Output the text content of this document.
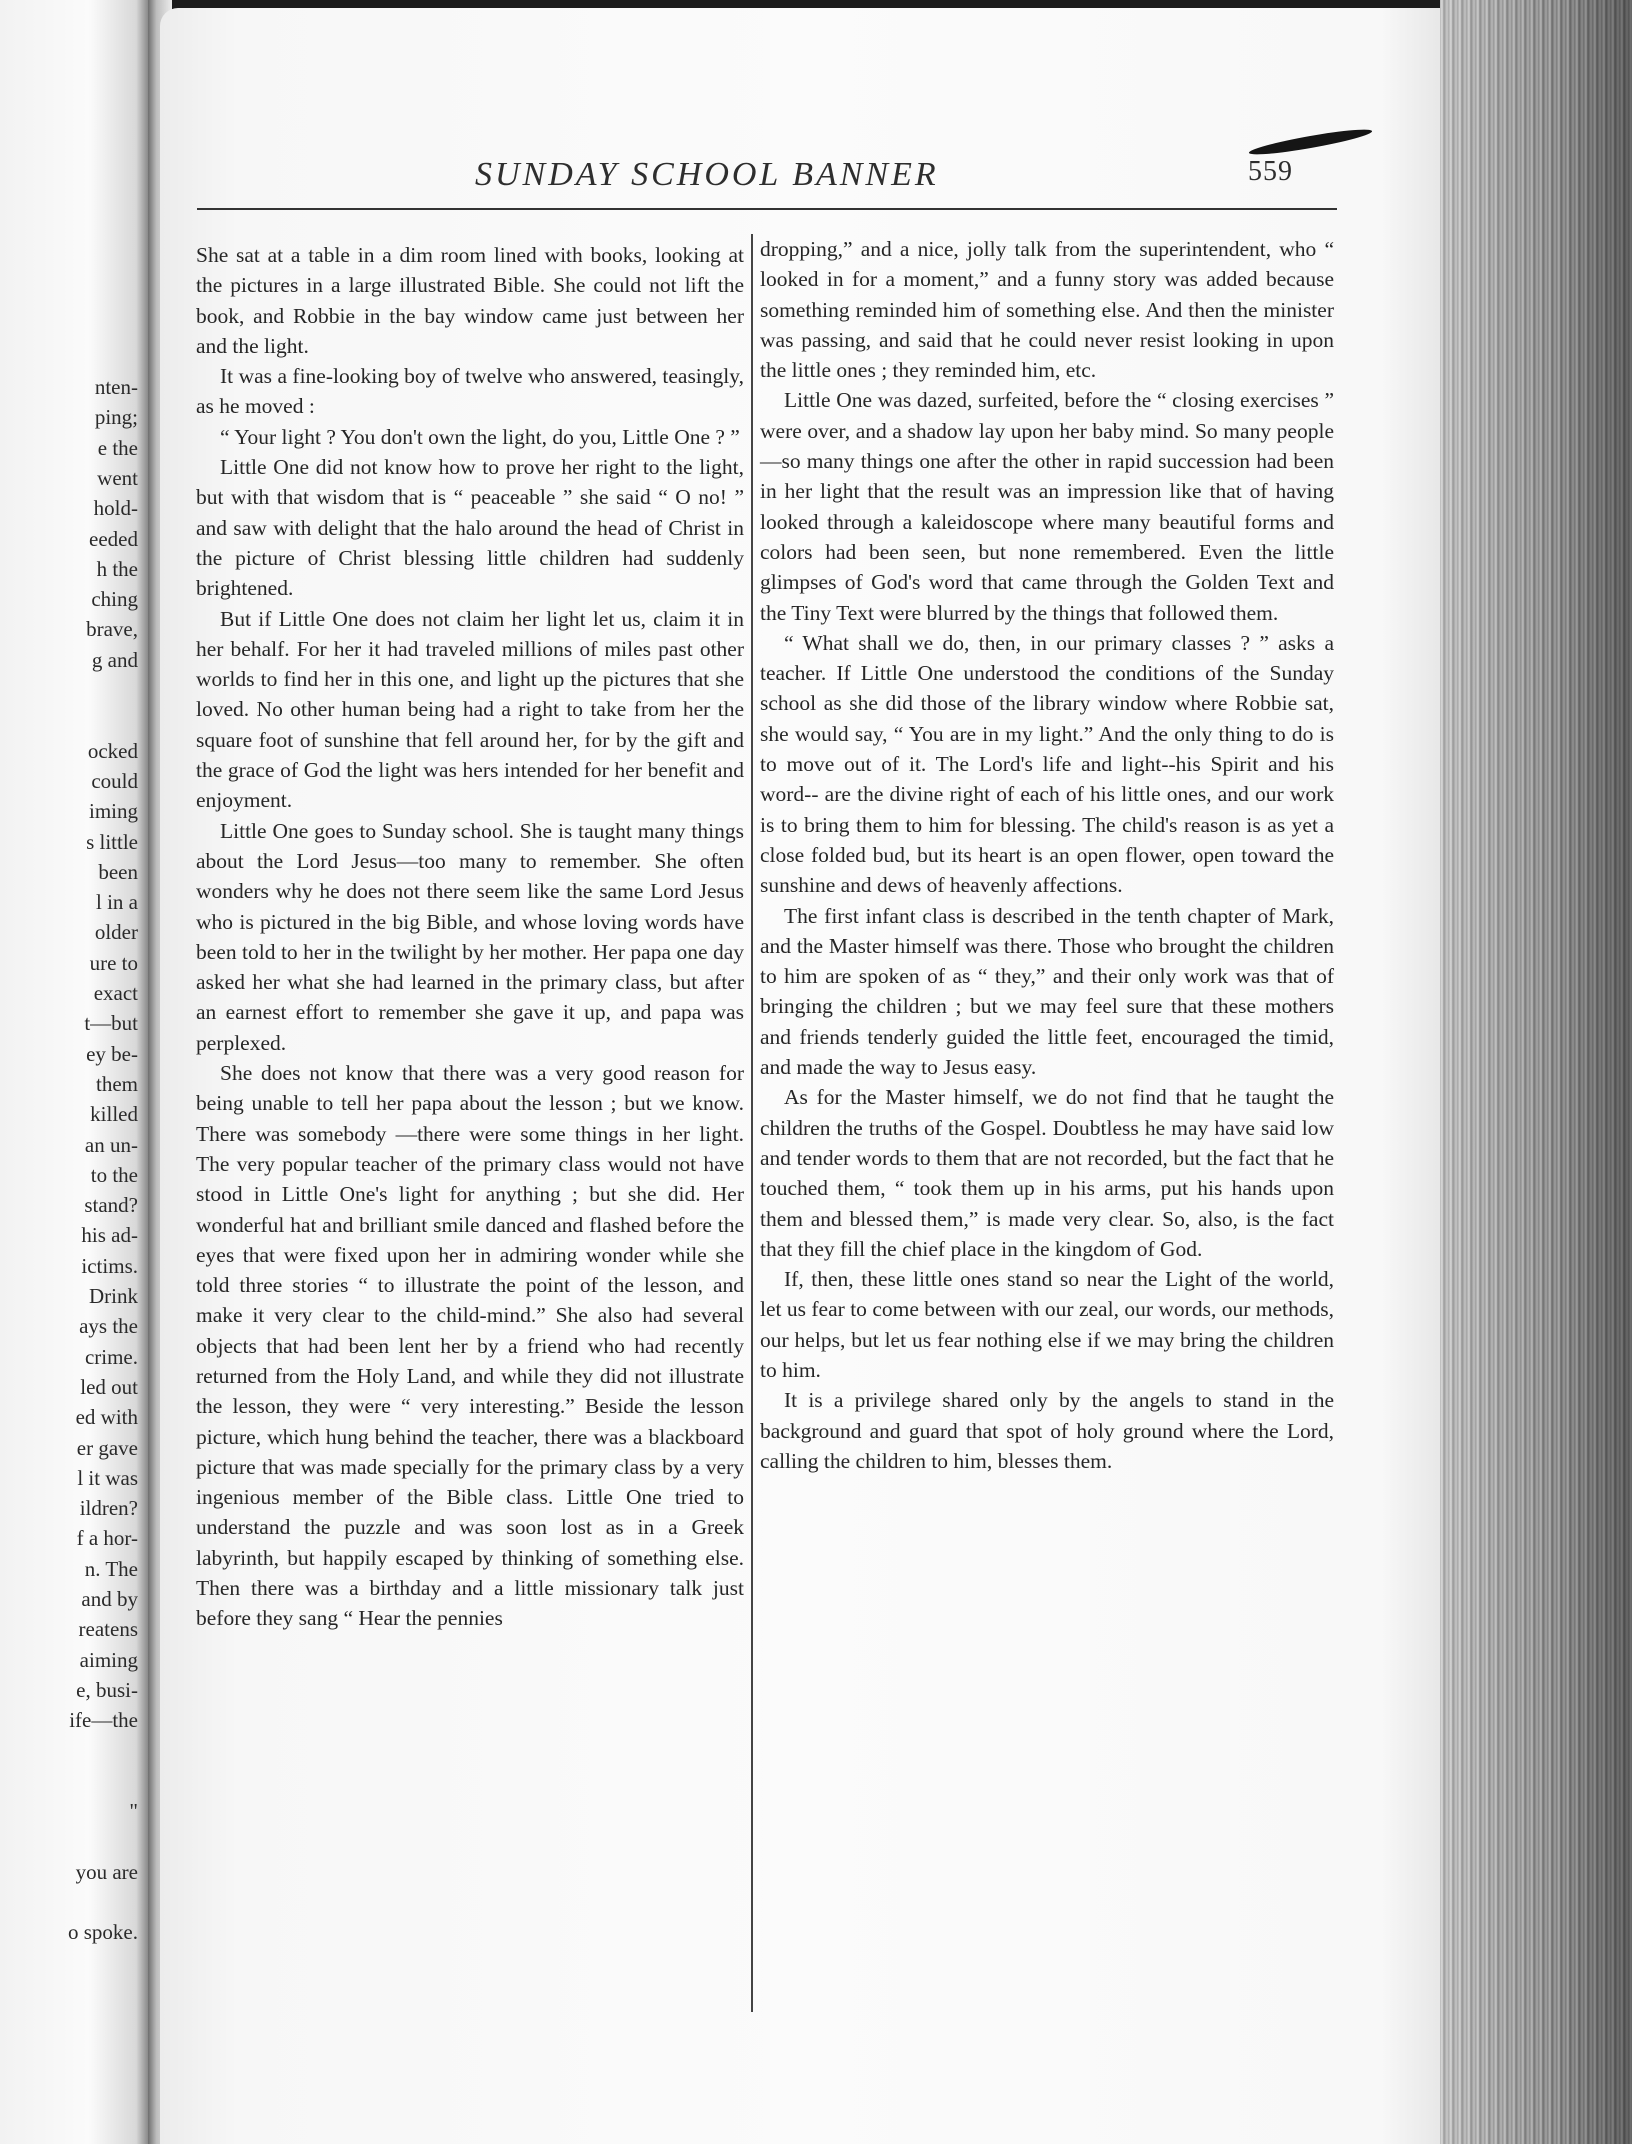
nten-
ping;
e the
went
hold-
eeded
h the
ching
brave,
g and
ocked
could
iming
s little
been
l in a
older
ure to
exact
t—but
ey be-
them
killed
an un-
to the
stand?
his ad-
ictims.
Drink
ays the
crime.
led out
ed with
er gave
l it was
ildren?
f a hor-
n. The
and by
reatens
aiming
e, busi-
ife—the
"
you are
o spoke.
SUNDAY SCHOOL BANNER	559

She sat at a table in a dim room lined with books, looking at the pictures in a large illustrated Bible. She could not lift the book, and Robbie in the bay window came just between her and the light.

It was a fine-looking boy of twelve who answered, teasingly, as he moved :

“ Your light ? You don't own the light, do you, Little One ? ”

Little One did not know how to prove her right to the light, but with that wisdom that is “ peaceable ” she said “ O no! ” and saw with delight that the halo around the head of Christ in the picture of Christ blessing little children had suddenly brightened.

But if Little One does not claim her light let us, claim it in her behalf. For her it had traveled millions of miles past other worlds to find her in this one, and light up the pictures that she loved. No other human being had a right to take from her the square foot of sunshine that fell around her, for by the gift and the grace of God the light was hers intended for her benefit and enjoyment.

Little One goes to Sunday school. She is taught many things about the Lord Jesus—too many to remember. She often wonders why he does not there seem like the same Lord Jesus who is pictured in the big Bible, and whose loving words have been told to her in the twilight by her mother. Her papa one day asked her what she had learned in the primary class, but after an earnest effort to remember she gave it up, and papa was perplexed.

She does not know that there was a very good reason for being unable to tell her papa about the lesson ; but we know. There was somebody —there were some things in her light. The very popular teacher of the primary class would not have stood in Little One's light for anything ; but she did. Her wonderful hat and brilliant smile danced and flashed before the eyes that were fixed upon her in admiring wonder while she told three stories “ to illustrate the point of the lesson, and make it very clear to the child-mind.” She also had several objects that had been lent her by a friend who had recently returned from the Holy Land, and while they did not illustrate the lesson, they were “ very interesting.” Beside the lesson picture, which hung behind the teacher, there was a blackboard picture that was made specially for the primary class by a very ingenious member of the Bible class. Little One tried to understand the puzzle and was soon lost as in a Greek labyrinth, but happily escaped by thinking of something else. Then there was a birthday and a little missionary talk just before they sang “ Hear the pennies

dropping,” and a nice, jolly talk from the superintendent, who “ looked in for a moment,” and a funny story was added because something reminded him of something else. And then the minister was passing, and said that he could never resist looking in upon the little ones ; they reminded him, etc.

Little One was dazed, surfeited, before the “ closing exercises ” were over, and a shadow lay upon her baby mind. So many people—so many things one after the other in rapid succession had been in her light that the result was an impression like that of having looked through a kaleidoscope where many beautiful forms and colors had been seen, but none remembered. Even the little glimpses of God's word that came through the Golden Text and the Tiny Text were blurred by the things that followed them.

“ What shall we do, then, in our primary classes ? ” asks a teacher. If Little One understood the conditions of the Sunday school as she did those of the library window where Robbie sat, she would say, “ You are in my light.” And the only thing to do is to move out of it. The Lord's life and light--his Spirit and his word-- are the divine right of each of his little ones, and our work is to bring them to him for blessing. The child's reason is as yet a close folded bud, but its heart is an open flower, open toward the sunshine and dews of heavenly affections.

The first infant class is described in the tenth chapter of Mark, and the Master himself was there. Those who brought the children to him are spoken of as “ they,” and their only work was that of bringing the children ; but we may feel sure that these mothers and friends tenderly guided the little feet, encouraged the timid, and made the way to Jesus easy.

As for the Master himself, we do not find that he taught the children the truths of the Gospel. Doubtless he may have said low and tender words to them that are not recorded, but the fact that he touched them, “ took them up in his arms, put his hands upon them and blessed them,” is made very clear. So, also, is the fact that they fill the chief place in the kingdom of God.

If, then, these little ones stand so near the Light of the world, let us fear to come between with our zeal, our words, our methods, our helps, but let us fear nothing else if we may bring the children to him.

It is a privilege shared only by the angels to stand in the background and guard that spot of holy ground where the Lord, calling the children to him, blesses them.
